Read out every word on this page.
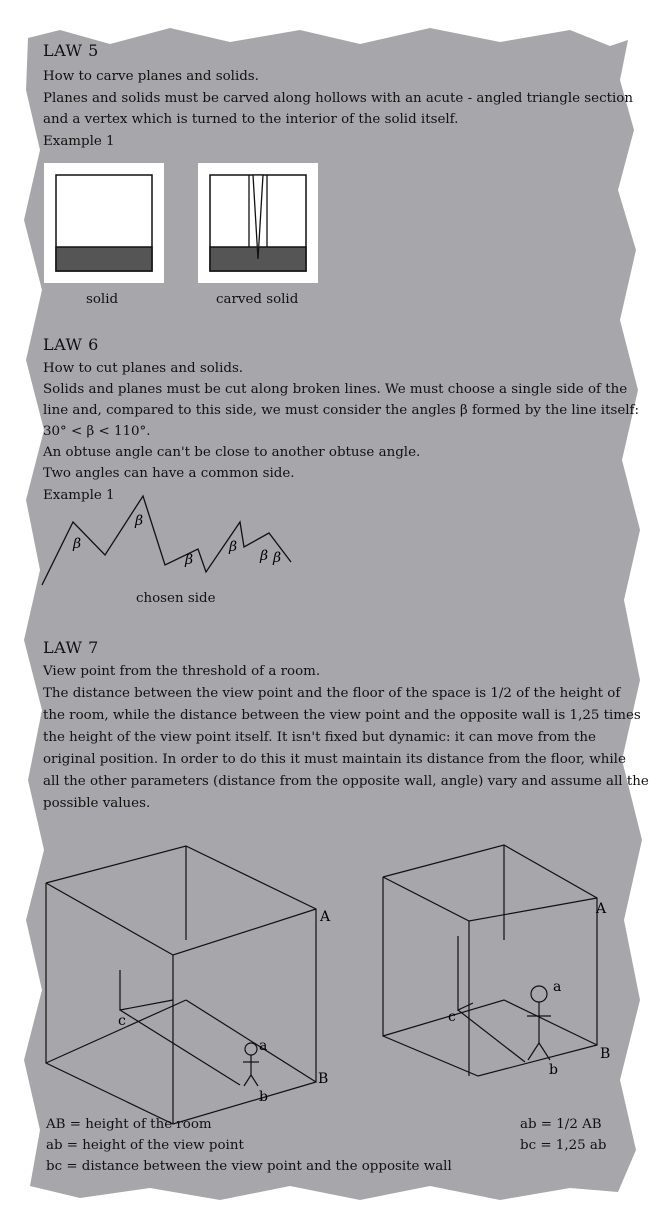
LAW 5
How to carve planes and solids.
Planes and solids must be carved along hollows with an acute - angled triangle section
and a vertex which is turned to the interior of the solid itself.
Example 1
solid	carved solid
LAW 6
How to cut planes and solids.
Solids and planes must be cut along broken lines. We must choose a single side of the
line and, compared to this side, we must consider the angles β formed by the line itself:
30° < β < 110°.
An obtuse angle can't be close to another obtuse angle.
Two angles can have a common side.
Example 1
β
β
β
β
β β
chosen side
LAW 7
View point from the threshold of a room.
The distance between the view point and the floor of the space is 1/2 of the height of
the room, while the distance between the view point and the opposite wall is 1,25 times
the height of the view point itself. It isn't fixed but dynamic: it can move from the
original position. In order to do this it must maintain its distance from the floor, while
all the other parameters (distance from the opposite wall, angle) vary and assume all the
possible values.
A
B
a
b
c
A
B
a
b
c
AB = height of the room
ab = height of the view point
bc = distance between the view point and the opposite wall
ab = 1/2 AB
bc = 1,25 ab
